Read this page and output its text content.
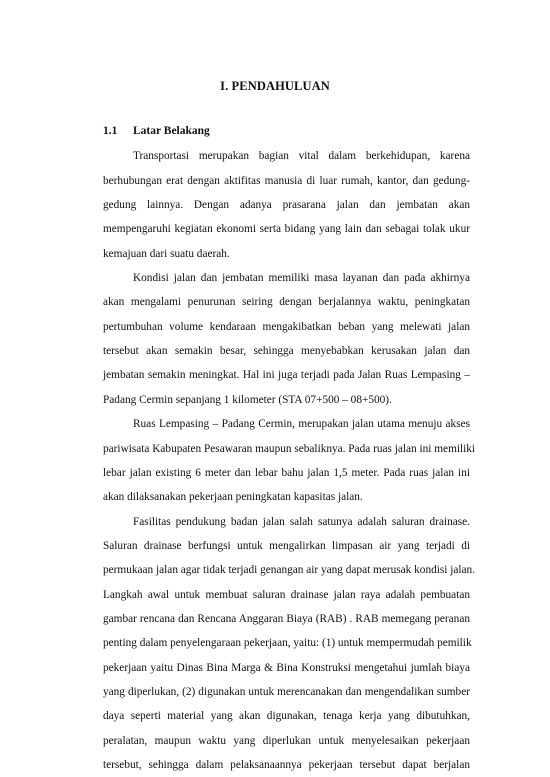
I. PENDAHULUAN
1.1 Latar Belakang
Transportasi merupakan bagian vital dalam berkehidupan, karena
berhubungan erat dengan aktifitas manusia di luar rumah, kantor, dan gedung-
gedung lainnya. Dengan adanya prasarana jalan dan jembatan akan
mempengaruhi kegiatan ekonomi serta bidang yang lain dan sebagai tolak ukur
kemajuan dari suatu daerah.
Kondisi jalan dan jembatan memiliki masa layanan dan pada akhirnya
akan mengalami penurunan seiring dengan berjalannya waktu, peningkatan
pertumbuhan volume kendaraan mengakibatkan beban yang melewati jalan
tersebut akan semakin besar, sehingga menyebabkan kerusakan jalan dan
jembatan semakin meningkat. Hal ini juga terjadi pada Jalan Ruas Lempasing –
Padang Cermin sepanjang 1 kilometer (STA 07+500 – 08+500).
Ruas Lempasing – Padang Cermin, merupakan jalan utama menuju akses
pariwisata Kabupaten Pesawaran maupun sebaliknya. Pada ruas jalan ini memiliki
lebar jalan existing 6 meter dan lebar bahu jalan 1,5 meter. Pada ruas jalan ini
akan dilaksanakan pekerjaan peningkatan kapasitas jalan.
Fasilitas pendukung badan jalan salah satunya adalah saluran drainase.
Saluran drainase berfungsi untuk mengalirkan limpasan air yang terjadi di
permukaan jalan agar tidak terjadi genangan air yang dapat merusak kondisi jalan.
Langkah awal untuk membuat saluran drainase jalan raya adalah pembuatan
gambar rencana dan Rencana Anggaran Biaya (RAB) . RAB memegang peranan
penting dalam penyelengaraan pekerjaan, yaitu: (1) untuk mempermudah pemilik
pekerjaan yaitu Dinas Bina Marga & Bina Konstruksi mengetahui jumlah biaya
yang diperlukan, (2) digunakan untuk merencanakan dan mengendalikan sumber
daya seperti material yang akan digunakan, tenaga kerja yang dibutuhkan,
peralatan, maupun waktu yang diperlukan untuk menyelesaikan pekerjaan
tersebut, sehingga dalam pelaksanaannya pekerjaan tersebut dapat berjalan
